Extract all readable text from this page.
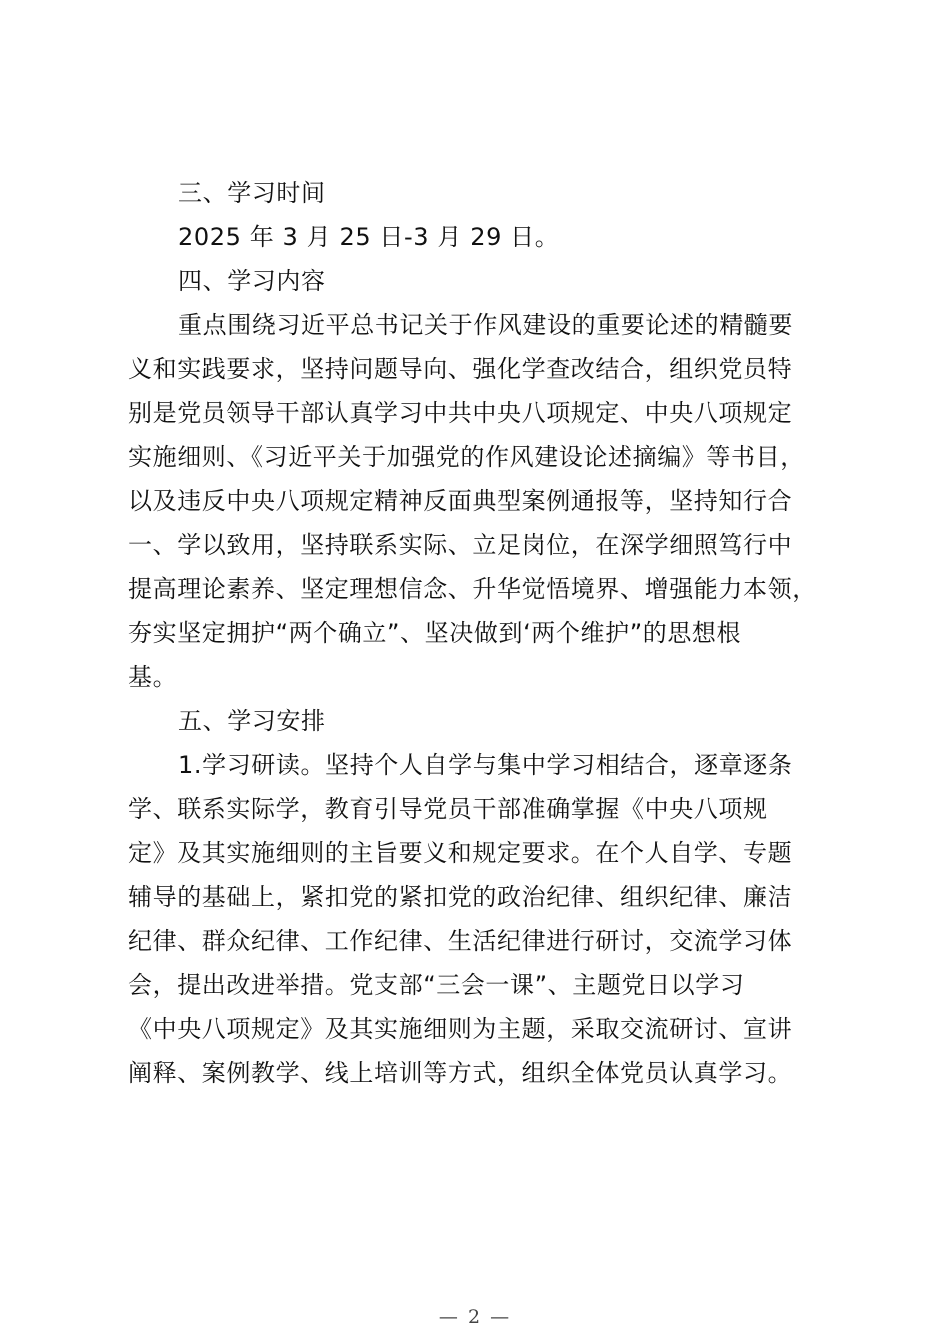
三、学习时间
2025 年 3 月 25 日-3 月 29 日。
四、学习内容
重点围绕习近平总书记关于作风建设的重要论述的精髓要
义和实践要求，坚持问题导向、强化学查改结合，组织党员特
别是党员领导干部认真学习中共中央八项规定、中央八项规定
实施细则、《习近平关于加强党的作风建设论述摘编》等书目，
以及违反中央八项规定精神反面典型案例通报等，坚持知行合
一、学以致用，坚持联系实际、立足岗位，在深学细照笃行中
提高理论素养、坚定理想信念、升华觉悟境界、增强能力本领，
夯实坚定拥护“两个确立”、坚决做到‘两个维护”的思想根
基。
五、学习安排
1.学习研读。坚持个人自学与集中学习相结合，逐章逐条
学、联系实际学，教育引导党员干部准确掌握《中央八项规
定》及其实施细则的主旨要义和规定要求。在个人自学、专题
辅导的基础上，紧扣党的紧扣党的政治纪律、组织纪律、廉洁
纪律、群众纪律、工作纪律、生活纪律进行研讨，交流学习体
会，提出改进举措。党支部“三会一课”、主题党日以学习
《中央八项规定》及其实施细则为主题，采取交流研讨、宣讲
阐释、案例教学、线上培训等方式，组织全体党员认真学习。
— 2 —
